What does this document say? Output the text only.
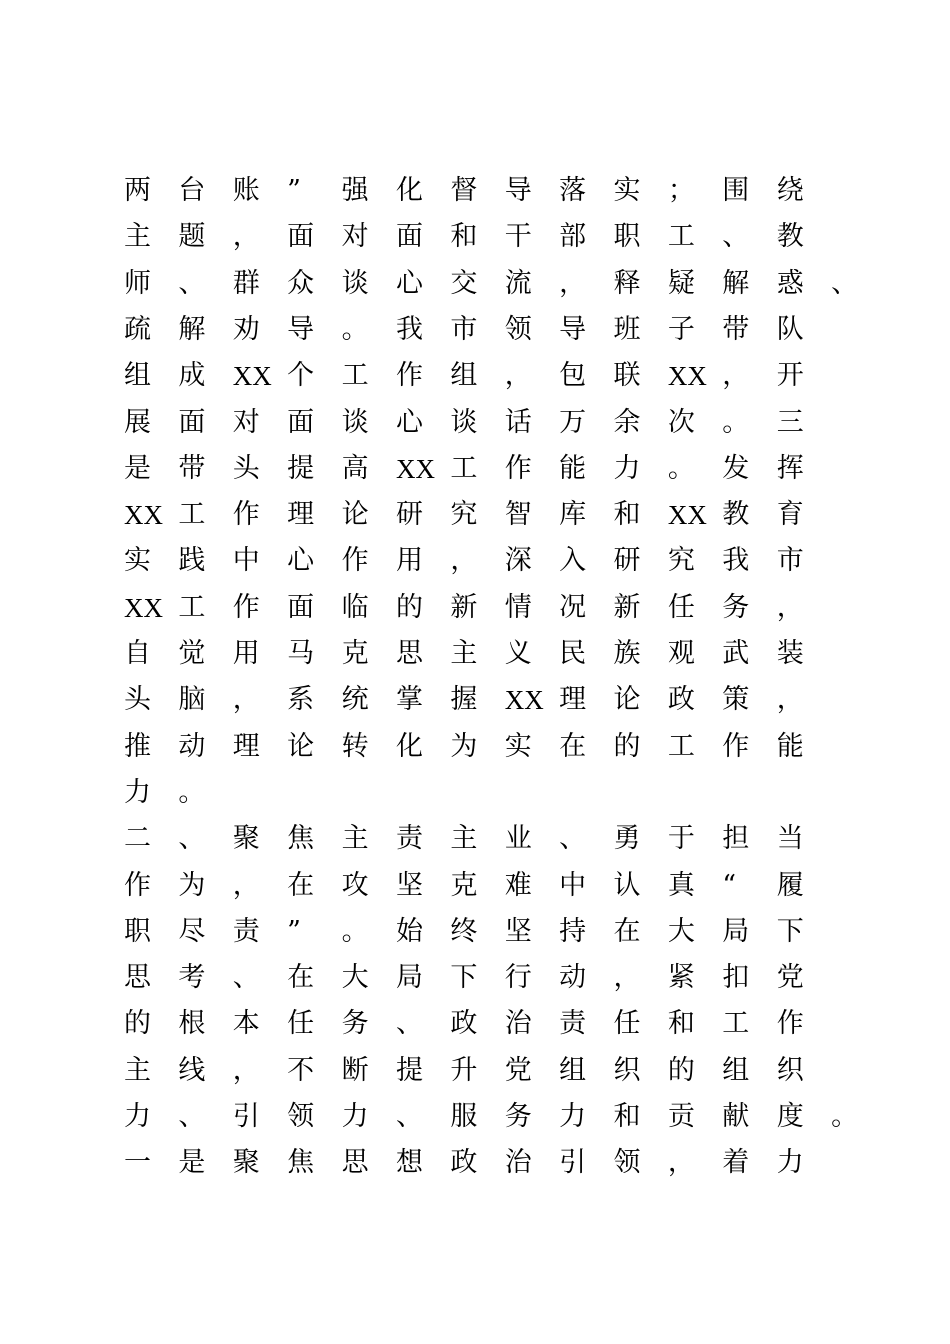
两	台	账	”	强	化	督	导	落	实	；	围	绕
主	题	，	面	对	面	和	干	部	职	工	、	教
师	、	群	众	谈	心	交	流	，	释	疑	解	惑	、
疏	解	劝	导	。	我	市	领	导	班	子	带	队
组	成	XX 个	工	作	组	，	包	联	XX ，	开
展	面	对	面	谈	心	谈	话	万	余	次	。	三
是	带	头	提	高	XX 工	作	能	力	。	发	挥
XX 工	作	理	论	研	究	智	库	和	XX 教	育
实	践	中	心	作	用	，	深	入	研	究	我	市
XX 工	作	面	临	的	新	情	况	新	任	务	，
自	觉	用	马	克	思	主	义	民	族	观	武	装
头	脑	，	系	统	掌	握	XX 理	论	政	策	，
推	动	理	论	转	化	为	实	在	的	工	作	能
力	。
二	、	聚	焦	主	责	主	业	、	勇	于	担	当
作	为	，	在	攻	坚	克	难	中	认	真	“	履
职	尽	责	”	。	始	终	坚	持	在	大	局	下
思	考	、	在	大	局	下	行	动	，	紧	扣	党
的	根	本	任	务	、	政	治	责	任	和	工	作
主	线	，	不	断	提	升	党	组	织	的	组	织
力	、	引	领	力	、	服	务	力	和	贡	献	度	。
一	是	聚	焦	思	想	政	治	引	领	，	着	力
